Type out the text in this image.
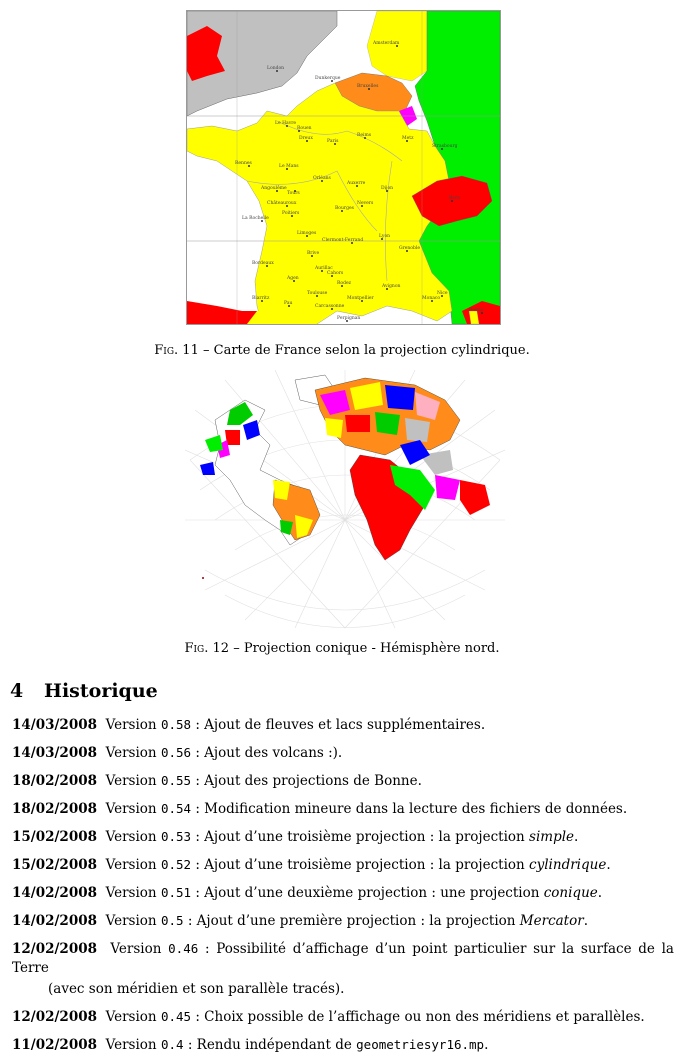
Amsterdam
London
Dunkerque
Bruxelles
Le Havre
Rouen
Dreux
Paris
Reims
Metz
Strasbourg
Rennes
Le Mans
Orléans
Auxerre
Dijon
Angoulême
Tours
Bourges
Nevers
Châteauroux
Poitiers
La Rochelle
Limoges
Clermont-Ferrand
Lyon
Grenoble
Bordeaux
Brive
Aurillac
Agen
Cahors
Rodez
Montpellier
Avignon
Toulouse	Nice
Biarritz
Pau
Carcassonne
Perpignan
Bastia
Monaco
Bern
Fig. 11 – Carte de France selon la projection cylindrique.
Fig. 12 – Projection conique - Hémisphère nord.
4 Historique
14/03/2008 Version 0.58 : Ajout de fleuves et lacs supplémentaires.
14/03/2008 Version 0.56 : Ajout des volcans :).
18/02/2008 Version 0.55 : Ajout des projections de Bonne.
18/02/2008 Version 0.54 : Modification mineure dans la lecture des fichiers de données.
15/02/2008 Version 0.53 : Ajout d’une troisième projection : la projection simple.
15/02/2008 Version 0.52 : Ajout d’une troisième projection : la projection cylindrique.
14/02/2008 Version 0.51 : Ajout d’une deuxième projection : une projection conique.
14/02/2008 Version 0.5 : Ajout d’une première projection : la projection Mercator.
12/02/2008 Version 0.46 : Possibilité d’affichage d’un point particulier sur la surface de la Terre
(avec son méridien et son parallèle tracés).
12/02/2008 Version 0.45 : Choix possible de l’affichage ou non des méridiens et parallèles.
11/02/2008 Version 0.4 : Rendu indépendant de geometriesyr16.mp.
